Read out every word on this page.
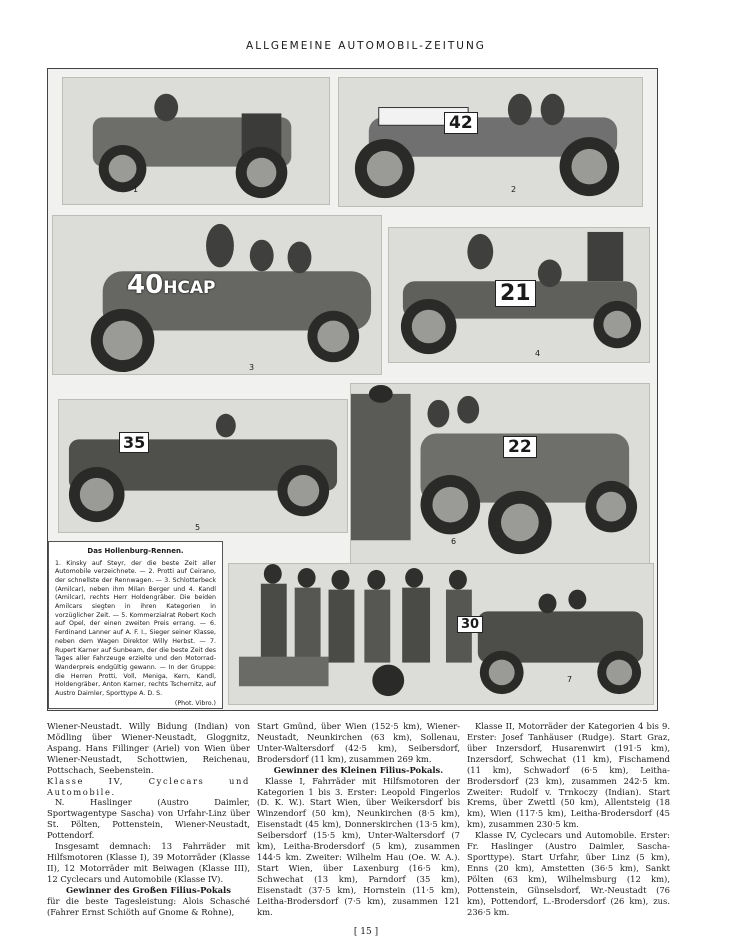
ALLGEMEINE AUTOMOBIL-ZEITUNG
1
42
2
40HCAP
3
21
4
35
5
22
6
30
7
Das Hollenburg-Rennen.
1. Kinsky auf Steyr, der die beste Zeit aller Automobile verzeichnete. — 2. Protti auf Ceirano, der schnellste der Rennwagen. — 3. Schlotterbeck (Amilcar), neben ihm Milan Berger und 4. Kandl (Amilcar), rechts Herr Holdengräber. Die beiden Amilcars siegten in ihren Kategorien in vorzüglicher Zeit. — 5. Kommerzialrat Robert Koch auf Opel, der einen zweiten Preis errang. — 6. Ferdinand Lanner auf A. F. I., Sieger seiner Klasse, neben dem Wagen Direktor Willy Herbst. — 7. Rupert Karner auf Sunbeam, der die beste Zeit des Tages aller Fahrzeuge erzielte und den Motorrad-Wanderpreis endgültig gewann. — In der Gruppe: die Herren Protti, Voll, Meniga, Kern, Kandl, Holdengräber, Anton Karner, rechts Tschernitz, auf Austro Daimler, Sporttype A. D. S.
(Phot. Vibro.)

Wiener-Neustadt. Willy Bidung (Indian) von Mödling über Wiener-Neustadt, Gloggnitz, Aspang. Hans Fillinger (Ariel) von Wien über Wiener-Neustadt, Schottwien, Reichenau, Pottschach, Seebenstein.

Klasse IV, Cyclecars und Automobile.

N. Haslinger (Austro Daimler, Sportwagentype Sascha) von Urfahr-Linz über St. Pölten, Pottenstein, Wiener-Neustadt, Pottendorf.

Insgesamt demnach: 13 Fahrräder mit Hilfsmotoren (Klasse I), 39 Motorräder (Klasse II), 12 Motorräder mit Beiwagen (Klasse III), 12 Cyclecars und Automobile (Klasse IV).

Gewinner des Großen Filius-Pokals

für die beste Tagesleistung: Alois Schasché (Fahrer Ernst Schiöth auf Gnome & Rohne),

Start Gmünd, über Wien (152·5 km), Wiener-Neustadt, Neunkirchen (63 km), Sollenau, Unter-Waltersdorf (42·5 km), Seibersdorf, Brodersdorf (11 km), zusammen 269 km.

Gewinner des Kleinen Filius-Pokals.

Klasse I, Fahrräder mit Hilfsmotoren der Kategorien 1 bis 3. Erster: Leopold Fingerlos (D. K. W.). Start Wien, über Weikersdorf bis Winzendorf (50 km), Neunkirchen (8·5 km), Eisenstadt (45 km), Donnerskirchen (13·5 km), Seibersdorf (15·5 km), Unter-Waltersdorf (7 km), Leitha-Brodersdorf (5 km), zusammen 144·5 km. Zweiter: Wilhelm Hau (Oe. W. A.). Start Wien, über Laxenburg (16·5 km), Schwechat (13 km), Parndorf (35 km), Eisenstadt (37·5 km), Hornstein (11·5 km), Leitha-Brodersdorf (7·5 km), zusammen 121 km.

Klasse II, Motorräder der Kategorien 4 bis 9. Erster: Josef Tanhäuser (Rudge). Start Graz, über Inzersdorf, Husarenwirt (191·5 km), Inzersdorf, Schwechat (11 km), Fischamend (11 km), Schwadorf (6·5 km), Leitha-Brodersdorf (23 km), zusammen 242·5 km. Zweiter: Rudolf v. Trnkoczy (Indian). Start Krems, über Zwettl (50 km), Allentsteig (18 km), Wien (117·5 km), Leitha-Brodersdorf (45 km), zusammen 230·5 km.

Klasse IV, Cyclecars und Automobile. Erster: Fr. Haslinger (Austro Daimler, Sascha-Sporttype). Start Urfahr, über Linz (5 km), Enns (20 km), Amstetten (36·5 km), Sankt Pölten (63 km), Wilhelmsburg (12 km), Pottenstein, Günselsdorf, Wr.-Neustadt (76 km), Pottendorf, L.-Brodersdorf (26 km), zus. 236·5 km.

[ 15 ]
